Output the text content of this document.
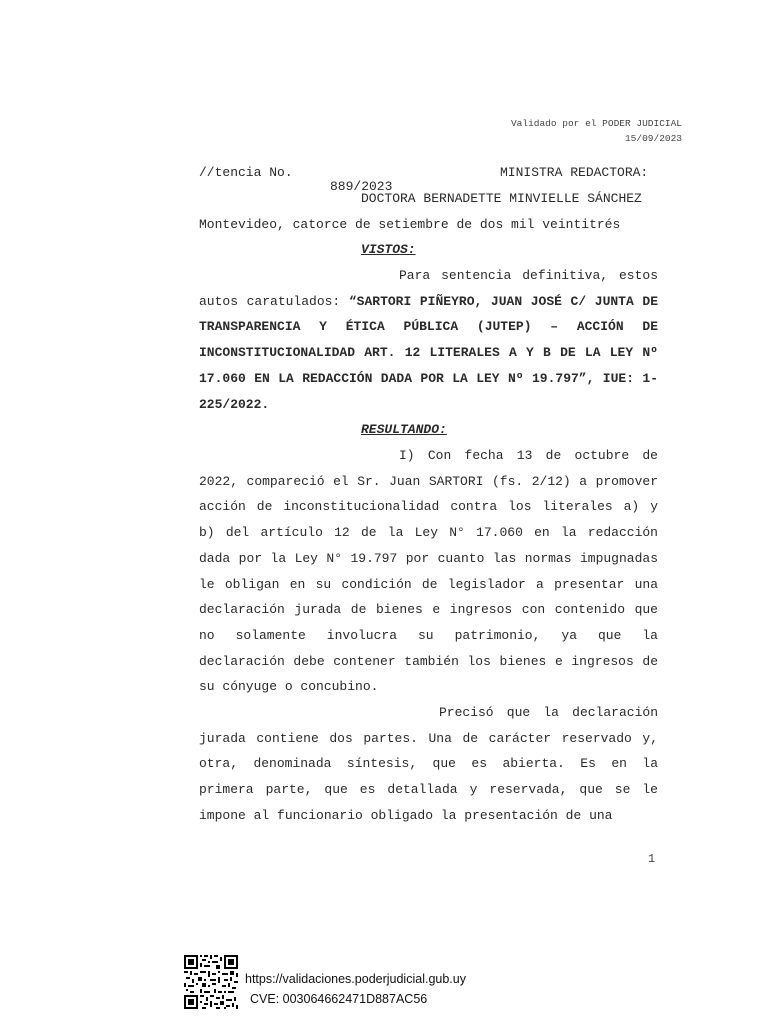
Validado por el PODER JUDICIAL
15/09/2023
//tencia No.
889/2023
MINISTRA REDACTORA:
DOCTORA BERNADETTE MINVIELLE SÁNCHEZ
Montevideo, catorce de setiembre de dos mil veintitrés
VISTOS:

Para sentencia definitiva, estos autos caratulados: “SARTORI PIÑEYRO, JUAN JOSÉ C/ JUNTA DE TRANSPARENCIA Y ÉTICA PÚBLICA (JUTEP) – ACCIÓN DE INCONSTITUCIONALIDAD ART. 12 LITERALES A Y B DE LA LEY Nº 17.060 EN LA REDACCIÓN DADA POR LA LEY Nº 19.797”, IUE: 1-225/2022.

RESULTANDO:

I) Con fecha 13 de octubre de 2022, compareció el Sr. Juan SARTORI (fs. 2/12) a promover acción de inconstitucionalidad contra los literales a) y b) del artículo 12 de la Ley N° 17.060 en la redacción dada por la Ley N° 19.797 por cuanto las normas impugnadas le obligan en su condición de legislador a presentar una declaración jurada de bienes e ingresos con contenido que no solamente involucra su patrimonio, ya que la declaración debe contener también los bienes e ingresos de su cónyuge o concubino.

Precisó que la declaración jurada contiene dos partes. Una de carácter reservado y, otra, denominada síntesis, que es abierta. Es en la primera parte, que es detallada y reservada, que se le impone al funcionario obligado la presentación de una

1
https://validaciones.poderjudicial.gub.uy
CVE: 003064662471D887AC56
